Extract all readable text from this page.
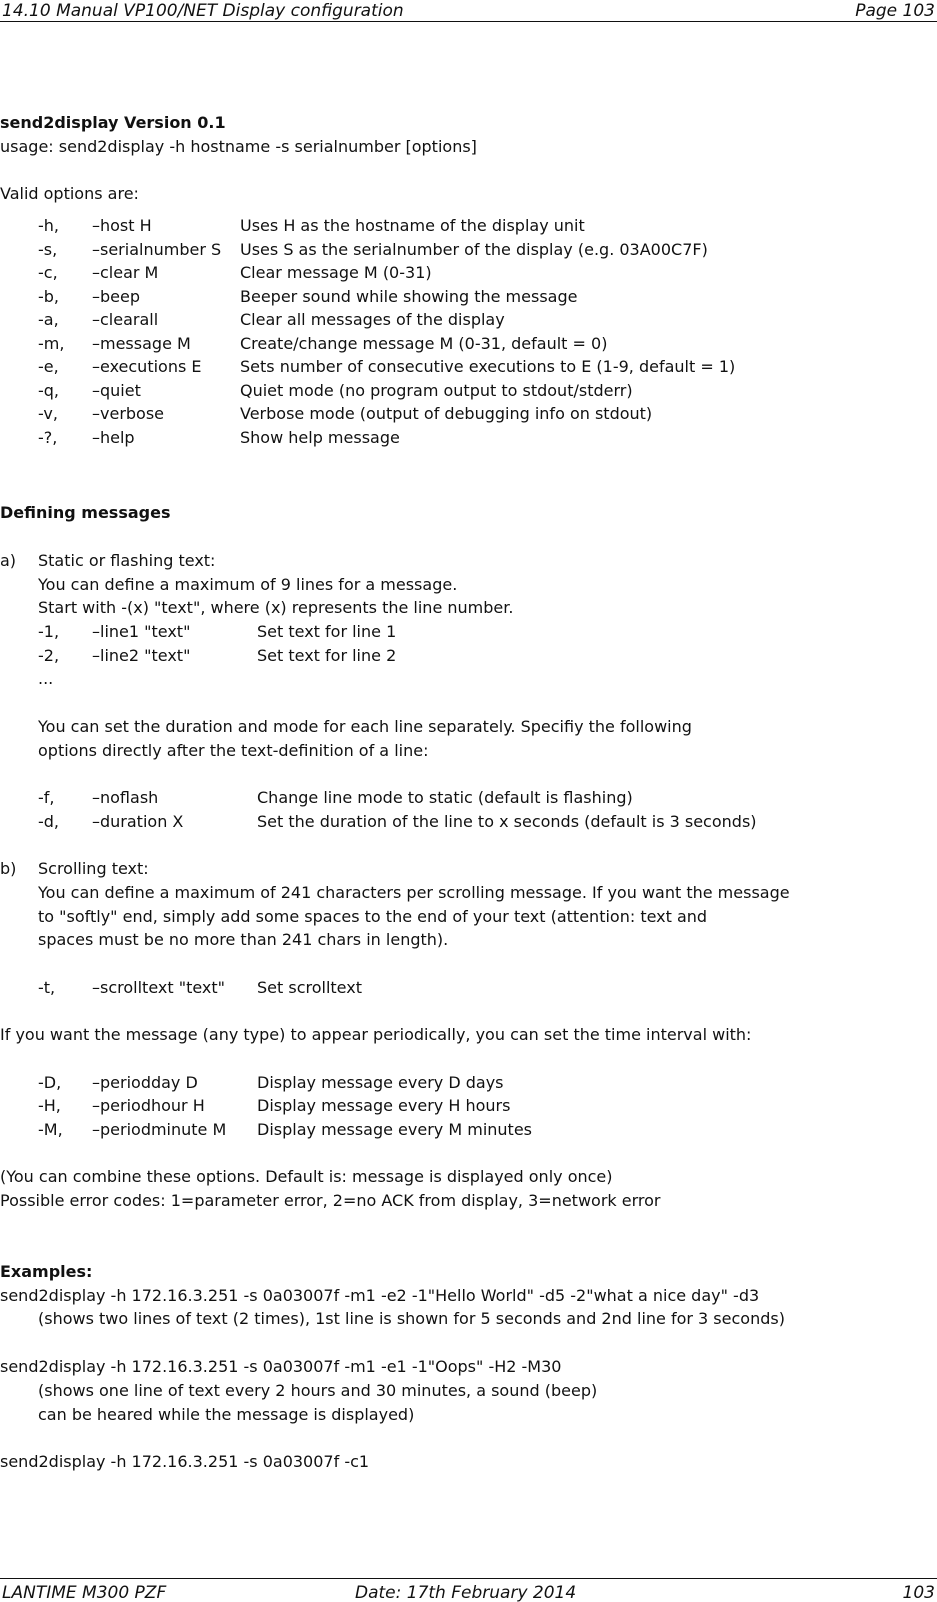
14.10 Manual VP100/NET Display configuration	Page 103
send2display Version 0.1
usage: send2display -h hostname -s serialnumber [options]
Valid options are:
-h, –host H	Uses H as the hostname of the display unit
-s, –serialnumber S Uses S as the serialnumber of the display (e.g. 03A00C7F)
-c, –clear M	Clear message M (0-31)
-b, –beep	Beeper sound while showing the message
-a, –clearall	Clear all messages of the display
-m, –message M	Create/change message M (0-31, default = 0)
-e, –executions E Sets number of consecutive executions to E (1-9, default = 1)
-q, –quiet	Quiet mode (no program output to stdout/stderr)
-v, –verbose	Verbose mode (output of debugging info on stdout)
-?, –help	Show help message
Defining messages
a) Static or flashing text:
You can define a maximum of 9 lines for a message.
Start with -(x) "text", where (x) represents the line number.
-1, –line1 "text"	Set text for line 1
-2, –line2 "text"	Set text for line 2
...
You can set the duration and mode for each line separately. Specifiy the following
options directly after the text-definition of a line:
-f, –noflash	Change line mode to static (default is flashing)
-d, –duration X	Set the duration of the line to x seconds (default is 3 seconds)
b) Scrolling text:
You can define a maximum of 241 characters per scrolling message. If you want the message
to "softly" end, simply add some spaces to the end of your text (attention: text and
spaces must be no more than 241 chars in length).
-t, –scrolltext "text" Set scrolltext
If you want the message (any type) to appear periodically, you can set the time interval with:
-D, –periodday D	Display message every D days
-H, –periodhour H	Display message every H hours
-M, –periodminute M Display message every M minutes
(You can combine these options. Default is: message is displayed only once)
Possible error codes: 1=parameter error, 2=no ACK from display, 3=network error
Examples:
send2display -h 172.16.3.251 -s 0a03007f -m1 -e2 -1"Hello World" -d5 -2"what a nice day" -d3
(shows two lines of text (2 times), 1st line is shown for 5 seconds and 2nd line for 3 seconds)
send2display -h 172.16.3.251 -s 0a03007f -m1 -e1 -1"Oops" -H2 -M30
(shows one line of text every 2 hours and 30 minutes, a sound (beep)
can be heared while the message is displayed)
send2display -h 172.16.3.251 -s 0a03007f -c1
LANTIME M300 PZF	Date: 17th February 2014	103
